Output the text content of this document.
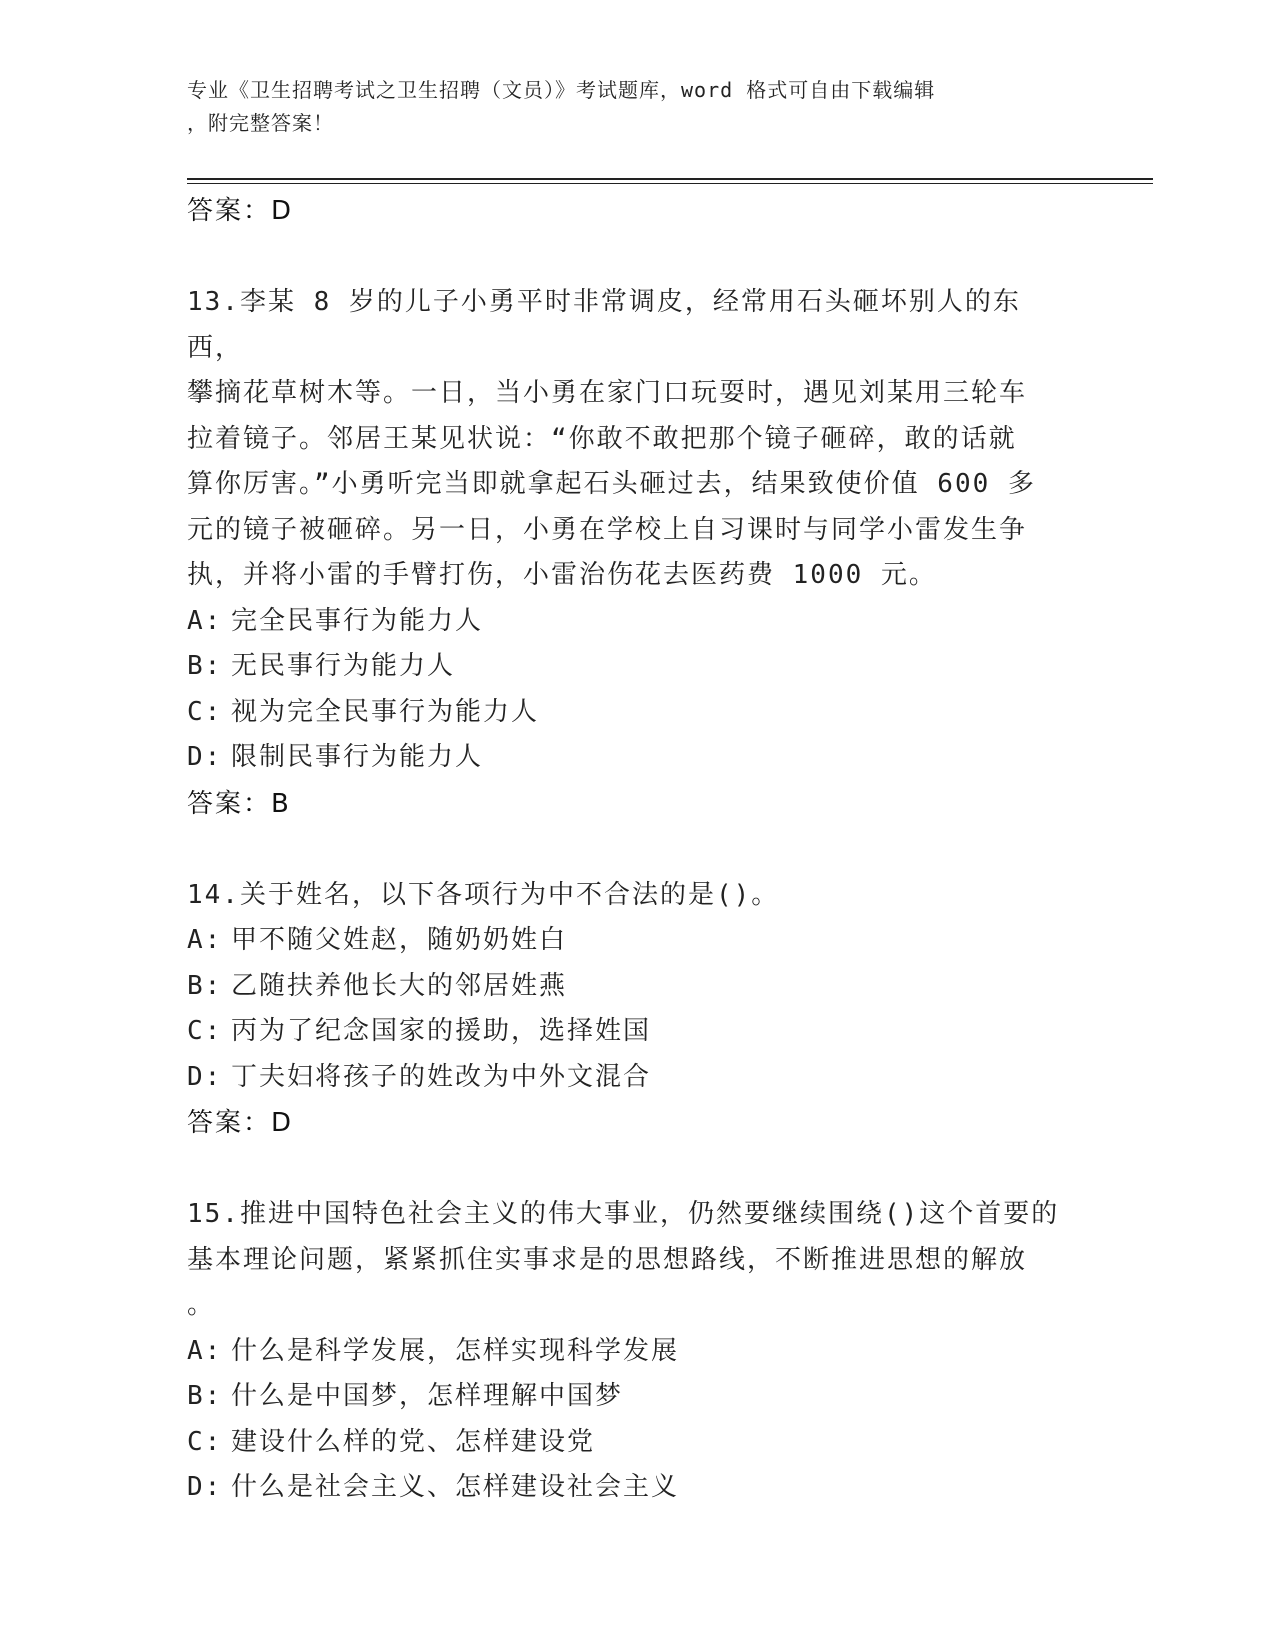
专业《卫生招聘考试之卫生招聘（文员）》考试题库，word 格式可自由下载编辑
，附完整答案！

答案：D

13.李某 8 岁的儿子小勇平时非常调皮，经常用石头砸坏别人的东西，
攀摘花草树木等。一日，当小勇在家门口玩耍时，遇见刘某用三轮车
拉着镜子。邻居王某见状说：“你敢不敢把那个镜子砸碎，敢的话就
算你厉害。”小勇听完当即就拿起石头砸过去，结果致使价值 600 多
元的镜子被砸碎。另一日，小勇在学校上自习课时与同学小雷发生争
执，并将小雷的手臂打伤，小雷治伤花去医药费 1000 元。

A: 完全民事行为能力人

B: 无民事行为能力人

C: 视为完全民事行为能力人

D: 限制民事行为能力人

答案：B

14.关于姓名，以下各项行为中不合法的是()。

A: 甲不随父姓赵，随奶奶姓白

B: 乙随扶养他长大的邻居姓燕

C: 丙为了纪念国家的援助，选择姓国

D: 丁夫妇将孩子的姓改为中外文混合

答案：D

15.推进中国特色社会主义的伟大事业，仍然要继续围绕()这个首要的
基本理论问题，紧紧抓住实事求是的思想路线，不断推进思想的解放
。

A: 什么是科学发展，怎样实现科学发展

B: 什么是中国梦，怎样理解中国梦

C: 建设什么样的党、怎样建设党

D: 什么是社会主义、怎样建设社会主义
